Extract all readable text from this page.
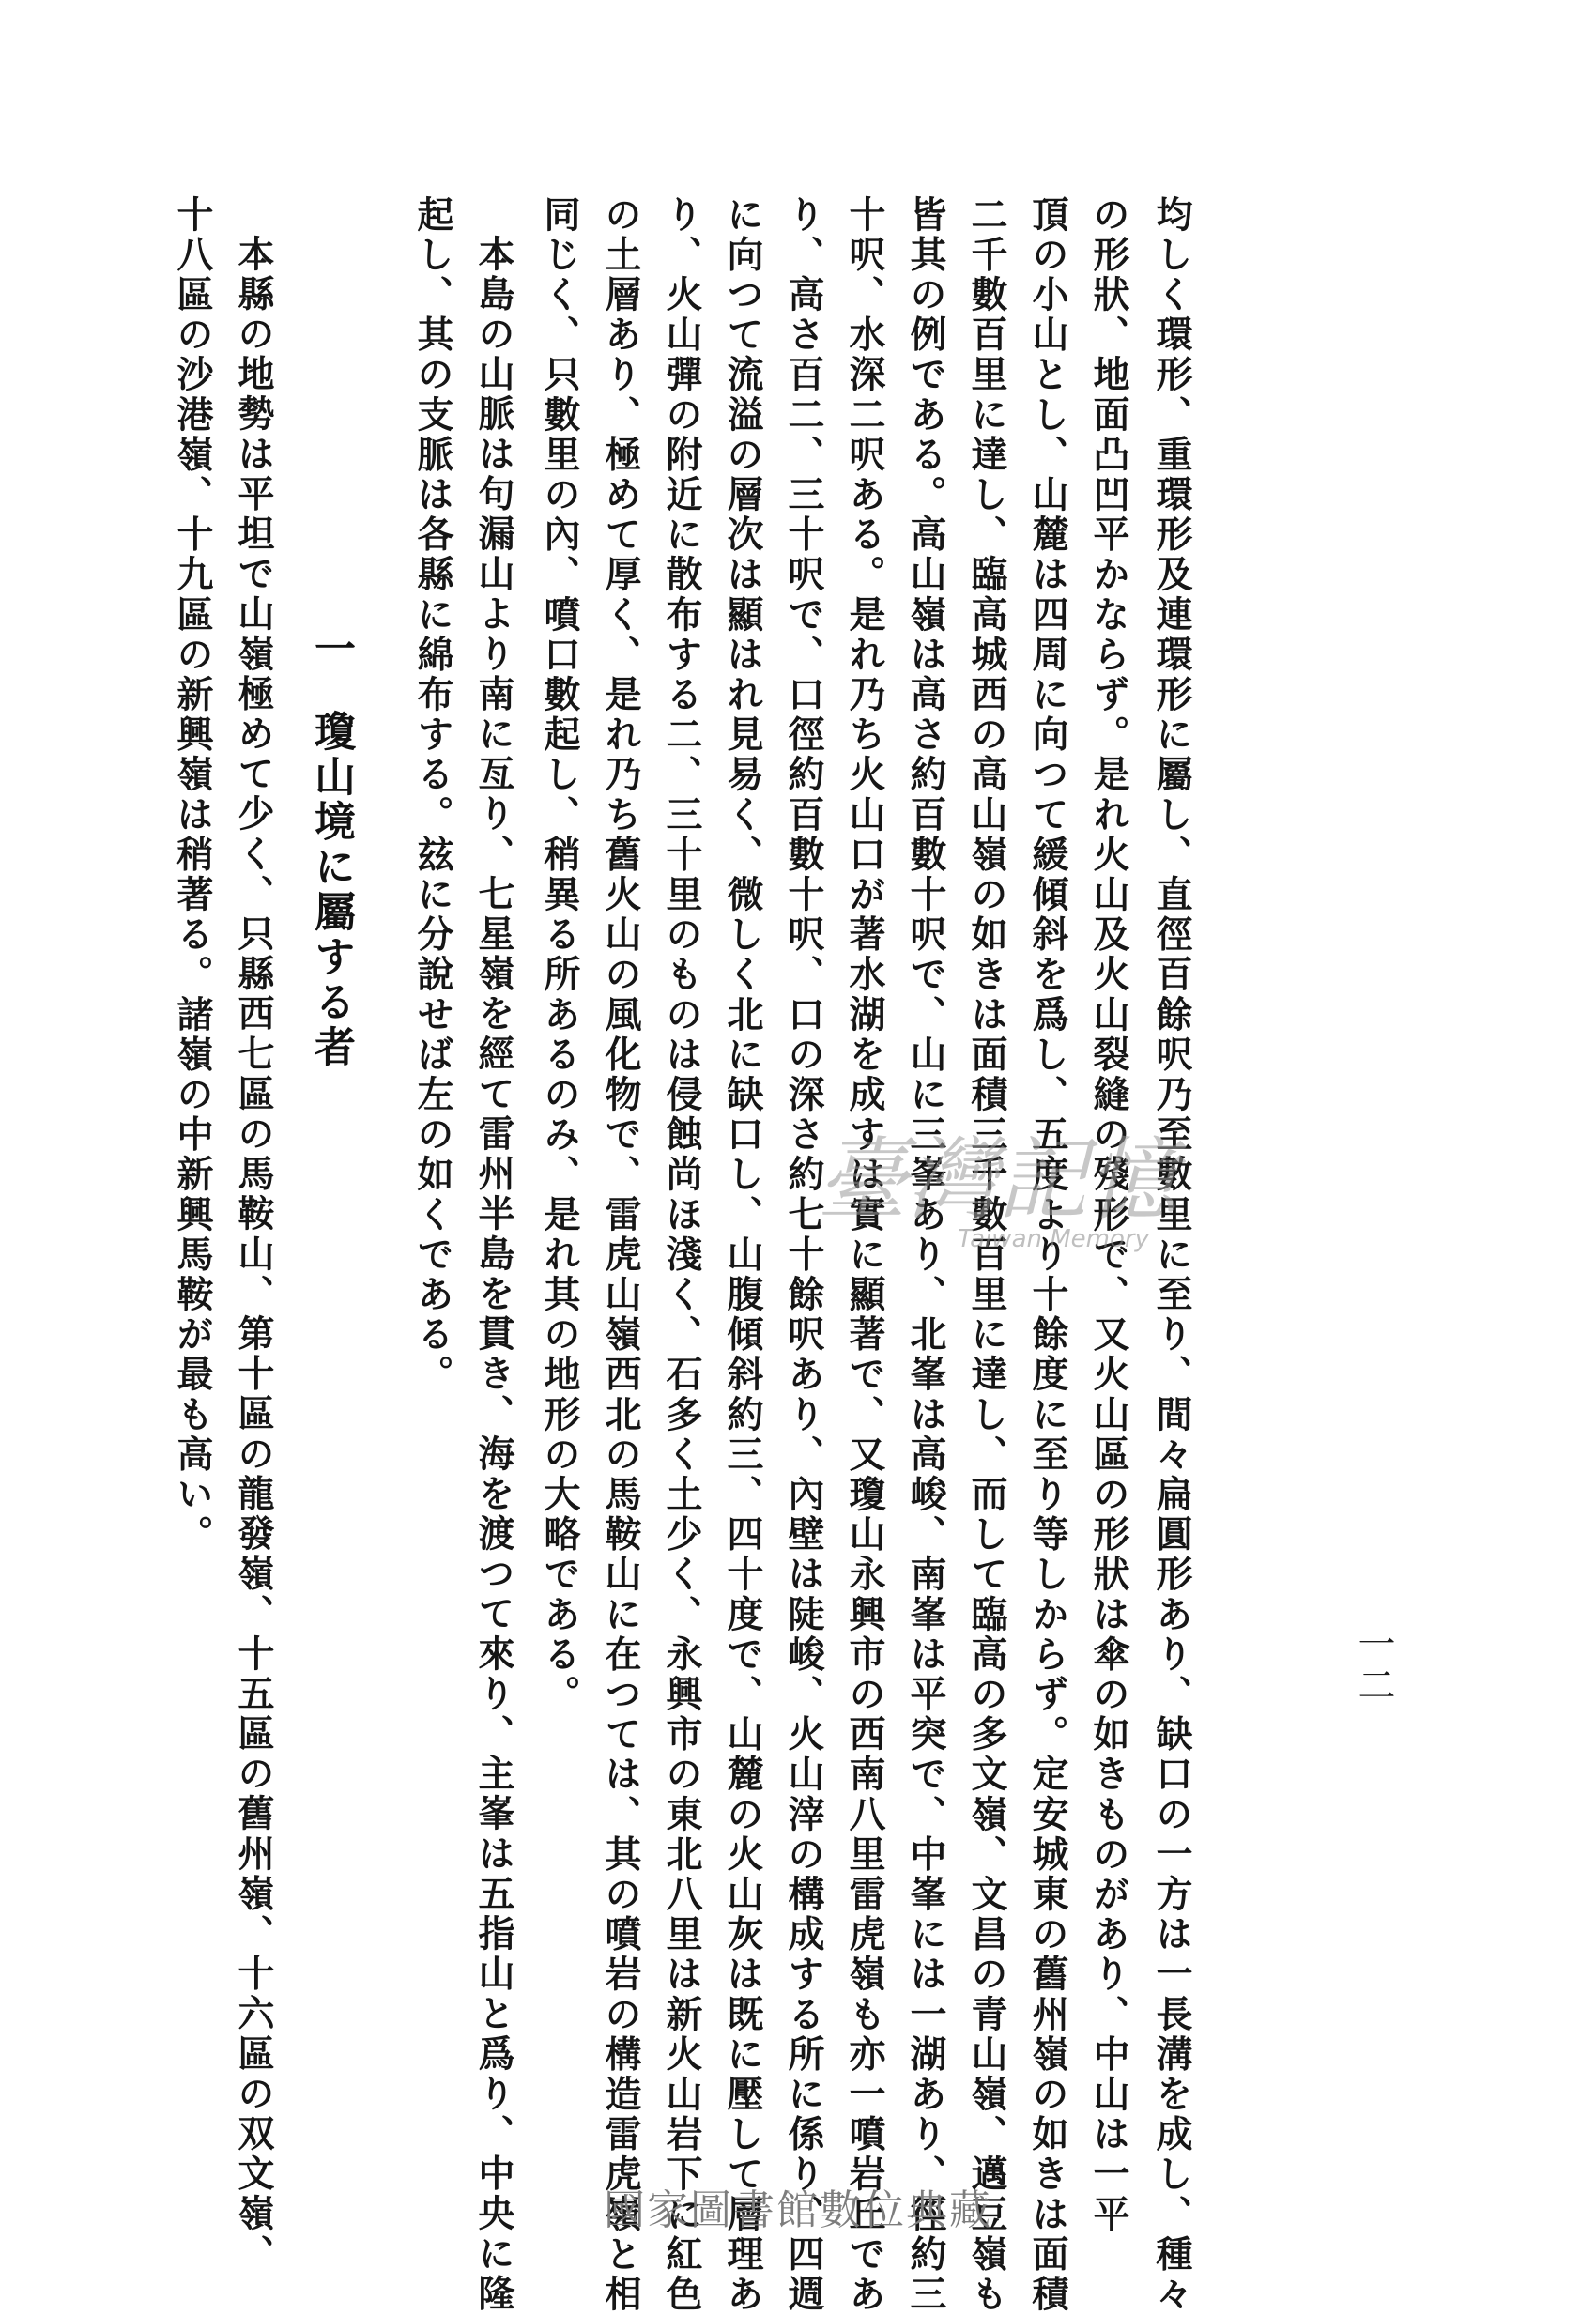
一二
均しく環形、重環形及連環形に屬し、直徑百餘呎乃至數里に至り、間々扁圓形あり、缺口の一方は一長溝を成し、種々
の形狀、地面凸凹平かならず。是れ火山及火山裂縫の殘形で、又火山區の形狀は傘の如きものがあり、中山は一平
頂の小山とし、山麓は四周に向つて緩傾斜を爲し、五度より十餘度に至り等しからず。定安城東の舊州嶺の如きは面積
二千數百里に達し、臨高城西の高山嶺の如きは面積三千數百里に達し、而して臨高の多文嶺、文昌の青山嶺、邁豆嶺も
皆其の例である。高山嶺は高さ約百數十呎で、山に三峯あり、北峯は高峻、南峯は平突で、中峯には一湖あり、徑約三
十呎、水深二呎ある。是れ乃ち火山口が著水湖を成すは實に顯著で、又瓊山永興市の西南八里雷虎嶺も亦一噴岩丘であ
り、高さ百二、三十呎で、口徑約百數十呎、口の深さ約七十餘呎あり、內壁は陡峻、火山滓の構成する所に係り、四週
に向つて流溢の層次は顯はれ見易く、微しく北に缺口し、山腹傾斜約三、四十度で、山麓の火山灰は既に壓して層理あ
り、火山彈の附近に散布する二、三十里のものは侵蝕尚ほ淺く、石多く土少く、永興市の東北八里は新火山岩下に紅色
の土層あり、極めて厚く、是れ乃ち舊火山の風化物で、雷虎山嶺西北の馬鞍山に在つては、其の噴岩の構造雷虎嶺と相
同じく、只數里の內、噴口數起し、稍異る所あるのみ、是れ其の地形の大略である。
本島の山脈は句漏山より南に亙り、七星嶺を經て雷州半島を貫き、海を渡つて來り、主峯は五指山と爲り、中央に隆
起し、其の支脈は各縣に綿布する。玆に分說せば左の如くである。
一瓊山境に屬する者
本縣の地勢は平坦で山嶺極めて少く、只縣西七區の馬鞍山、第十區の龍發嶺、十五區の舊州嶺、十六區の双文嶺、
十八區の沙港嶺、十九區の新興嶺は稍著る。諸嶺の中新興馬鞍が最も高い。	臺灣記憶
Taiwan Memory
國家圖書館數位典藏
